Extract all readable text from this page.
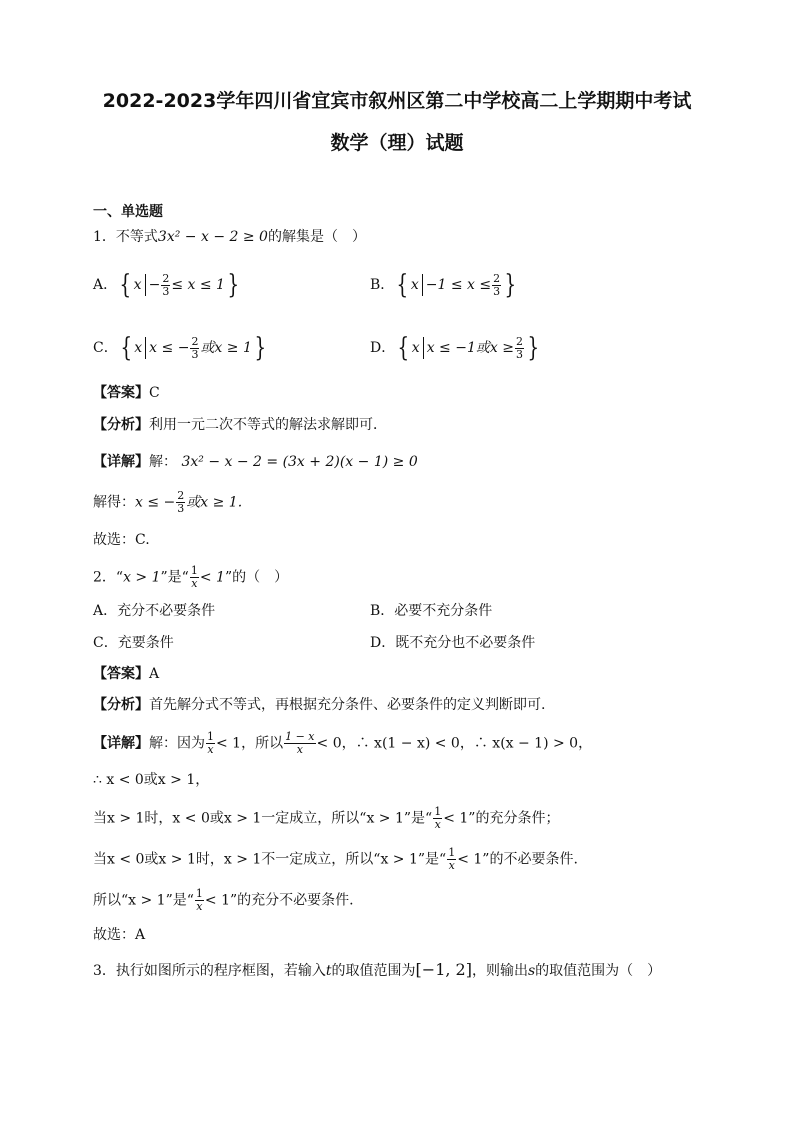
2022-2023学年四川省宜宾市叙州区第二中学校高二上学期期中考试
数学（理）试题
一、单选题
1．不等式3x² − x − 2 ≥ 0的解集是（　）
A．{ $x - \frac{2}{3} \le x \le 1$}	B．{ $x -1 \le x \le \frac{2}{3}$ }
C．{ x x ≤ − $\frac{2}{3}$ 或x ≥ 1}	D．{ x x ≤ −1或$x \ge \frac{2}{3}$ }
【答案】C
【分析】利用一元二次不等式的解法求解即可．
【详解】解： 3x² − x − 2 = (3x + 2)(x − 1) ≥ 0
解得：x ≤ − $\frac{2}{3}$ 或x ≥ 1.
故选：C.
2．“x > 1”是“ $\frac{1}{x} < 1$”的（　）
A．充分不必要条件	B．必要不充分条件
C．充要条件	D．既不充分也不必要条件
【答案】A
【分析】首先解分式不等式，再根据充分条件、必要条件的定义判断即可.
【详解】解：因为 $\frac{1}{x} < 1$，所以 $\frac{1 - x}{x} < 0$，∴ x(1 − x) < 0，∴ x(x − 1) > 0，
∴ x < 0或x > 1，
当x > 1时，x < 0或x > 1一定成立，所以“x > 1”是“ $\frac{1}{x} < 1$”的充分条件；
当x < 0或x > 1时，x > 1不一定成立，所以“x > 1”是“ $\frac{1}{x} < 1$”的不必要条件.
所以“x > 1”是“ $\frac{1}{x} < 1$”的充分不必要条件.
故选：A
3．执行如图所示的程序框图，若输入t的取值范围为[−1, 2]，则输出s的取值范围为（　）
